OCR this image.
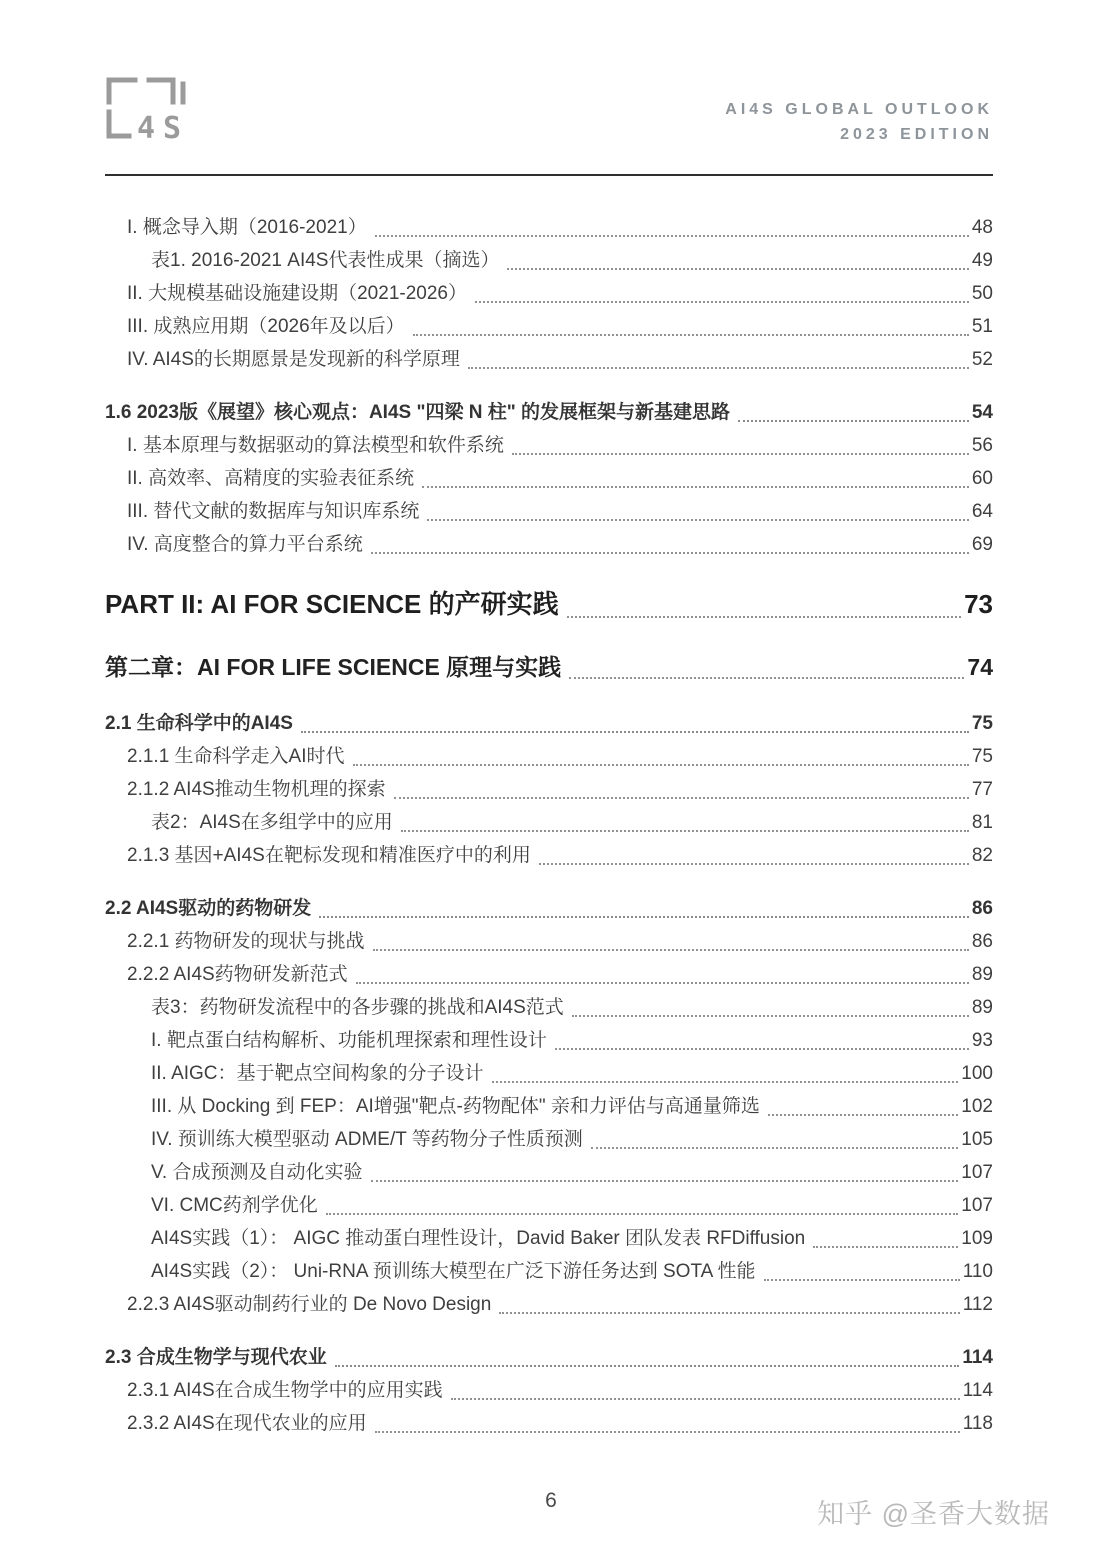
4 S
AI4S GLOBAL OUTLOOK
2023 EDITION
I. 概念导入期（2016-2021）	48
表1. 2016-2021 AI4S代表性成果（摘选）	49
II. 大规模基础设施建设期（2021-2026）	50
III. 成熟应用期（2026年及以后）	51
IV. AI4S的长期愿景是发现新的科学原理	52
1.6 2023版《展望》核心观点：AI4S "四梁 N 柱" 的发展框架与新基建思路	54
I. 基本原理与数据驱动的算法模型和软件系统	56
II. 高效率、高精度的实验表征系统	60
III. 替代文献的数据库与知识库系统	64
IV. 高度整合的算力平台系统	69
PART II: AI FOR SCIENCE 的产研实践	73
第二章：AI FOR LIFE SCIENCE 原理与实践	74
2.1 生命科学中的AI4S	75
2.1.1 生命科学走入AI时代	75
2.1.2 AI4S推动生物机理的探索	77
表2：AI4S在多组学中的应用	81
2.1.3 基因+AI4S在靶标发现和精准医疗中的利用	82
2.2 AI4S驱动的药物研发	86
2.2.1 药物研发的现状与挑战	86
2.2.2 AI4S药物研发新范式	89
表3：药物研发流程中的各步骤的挑战和AI4S范式	89
I. 靶点蛋白结构解析、功能机理探索和理性设计	93
II. AIGC：基于靶点空间构象的分子设计	100
III. 从 Docking 到 FEP：AI增强"靶点-药物配体" 亲和力评估与高通量筛选	102
IV. 预训练大模型驱动 ADME/T 等药物分子性质预测	105
V. 合成预测及自动化实验	107
VI. CMC药剂学优化	107
AI4S实践（1）： AIGC 推动蛋白理性设计，David Baker 团队发表 RFDiffusion	109
AI4S实践（2）： Uni-RNA 预训练大模型在广泛下游任务达到 SOTA 性能	110
2.2.3 AI4S驱动制药行业的 De Novo Design	112
2.3 合成生物学与现代农业	114
2.3.1 AI4S在合成生物学中的应用实践	114
2.3.2 AI4S在现代农业的应用	118
6	知乎 @圣香大数据
